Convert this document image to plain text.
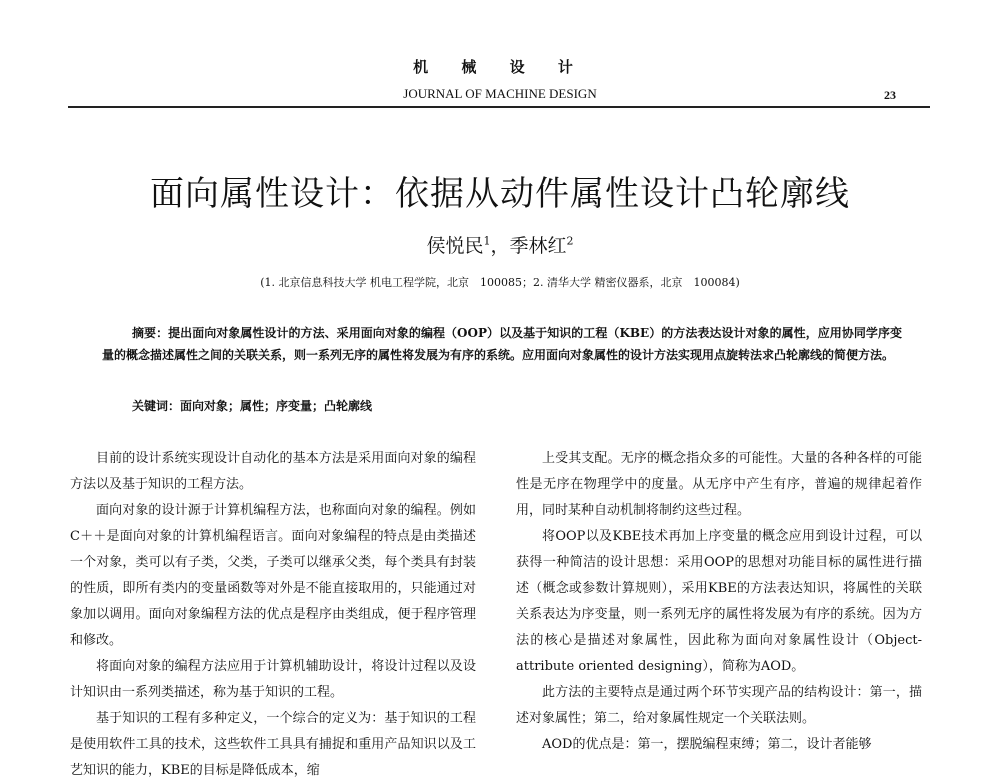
机 械 设 计
JOURNAL OF MACHINE DESIGN	23
面向属性设计：依据从动件属性设计凸轮廓线
侯悦民$^1$，季林红$^2$
(1. 北京信息科技大学 机电工程学院，北京　100085；2. 清华大学 精密仪器系，北京　100084)

摘要：提出面向对象属性设计的方法、采用面向对象的编程（OOP）以及基于知识的工程（KBE）的方法表达设计对象的属性，应用协同学序变量的概念描述属性之间的关联关系，则一系列无序的属性将发展为有序的系统。应用面向对象属性的设计方法实现用点旋转法求凸轮廓线的简便方法。

关键词：面向对象；属性；序变量；凸轮廓线

目前的设计系统实现设计自动化的基本方法是采用面向对象的编程方法以及基于知识的工程方法。

面向对象的设计源于计算机编程方法，也称面向对象的编程。例如C＋＋是面向对象的计算机编程语言。面向对象编程的特点是由类描述一个对象，类可以有子类，父类，子类可以继承父类，每个类具有封装的性质，即所有类内的变量函数等对外是不能直接取用的，只能通过对象加以调用。面向对象编程方法的优点是程序由类组成，便于程序管理和修改。

将面向对象的编程方法应用于计算机辅助设计，将设计过程以及设计知识由一系列类描述，称为基于知识的工程。

基于知识的工程有多种定义，一个综合的定义为：基于知识的工程是使用软件工具的技术，这些软件工具具有捕捉和重用产品知识以及工艺知识的能力，KBE的目标是降低成本，缩

上受其支配。无序的概念指众多的可能性。大量的各种各样的可能性是无序在物理学中的度量。从无序中产生有序，普遍的规律起着作用，同时某种自动机制将制约这些过程。

将OOP以及KBE技术再加上序变量的概念应用到设计过程，可以获得一种简洁的设计思想：采用OOP的思想对功能目标的属性进行描述（概念或参数计算规则），采用KBE的方法表达知识，将属性的关联关系表达为序变量，则一系列无序的属性将发展为有序的系统。因为方法的核心是描述对象属性，因此称为面向对象属性设计（Object-attribute oriented designing），简称为AOD。

此方法的主要特点是通过两个环节实现产品的结构设计：第一，描述对象属性；第二，给对象属性规定一个关联法则。

AOD的优点是：第一，摆脱编程束缚；第二，设计者能够
